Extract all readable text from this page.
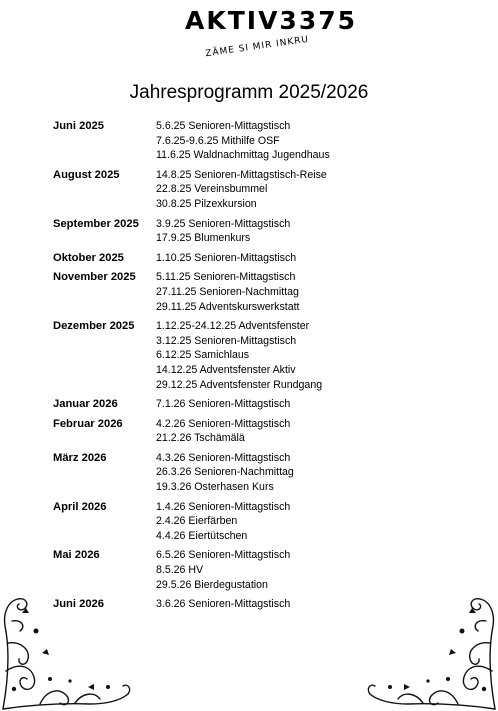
AKTIV3375
ZÄME SI MIR INKRU
Jahresprogramm 2025/2026
Juni 2025	5.6.25 Senioren-Mittagstisch
7.6.25-9.6.25 Mithilfe OSF
11.6.25 Waldnachmittag Jugendhaus
August 2025	14.8.25 Senioren-Mittagstisch-Reise
22.8.25 Vereinsbummel
30.8.25 Pilzexkursion
September 2025	3.9.25 Senioren-Mittagstisch
17.9.25 Blumenkurs
Oktober 2025	1.10.25 Senioren-Mittagstisch
November 2025	5.11.25 Senioren-Mittagstisch
27.11.25 Senioren-Nachmittag
29.11.25 Adventskurswerkstatt
Dezember 2025	1.12.25-24.12.25 Adventsfenster
3.12.25 Senioren-Mittagstisch
6.12.25 Samichlaus
14.12.25 Adventsfenster Aktiv
29.12.25 Adventsfenster Rundgang
Januar 2026	7.1.26 Senioren-Mittagstisch
Februar 2026	4.2.26 Senioren-Mittagstisch
21.2.26 Tschämälä
März 2026	4.3.26 Senioren-Mittagstisch
26.3.26 Senioren-Nachmittag
19.3.26 Osterhasen Kurs
April 2026	1.4.26 Senioren-Mittagstisch
2.4.26 Eierfärben
4.4.26 Eiertütschen
Mai 2026	6.5.26 Senioren-Mittagstisch
8.5.26 HV
29.5.26 Bierdegustation
Juni 2026	3.6.26 Senioren-Mittagstisch
